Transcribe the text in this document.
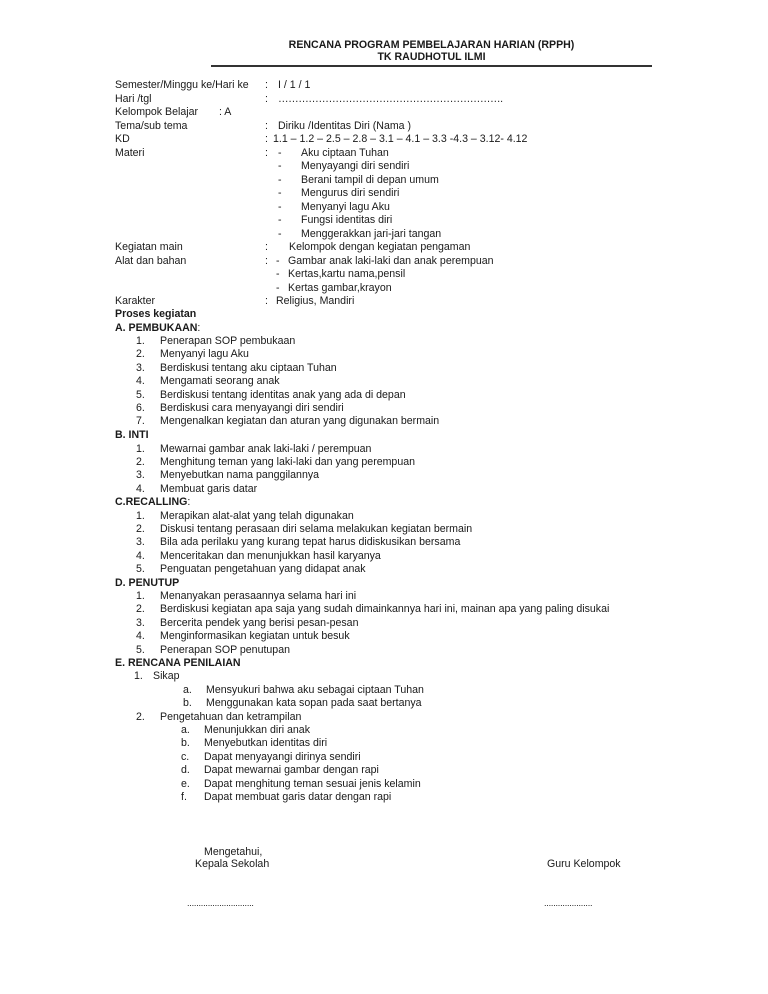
RENCANA PROGRAM PEMBELAJARAN HARIAN (RPPH)
TK RAUDHOTUL ILMI
Semester/Minggu ke/Hari ke : I / 1 / 1
Hari /tgl	: ………………………………………………………….
Kelompok Belajar : A
Tema/sub tema	: Diriku /Identitas Diri (Nama )
KD	: 1.1 – 1.2 – 2.5 – 2.8 – 3.1 – 4.1 – 3.3 -4.3 – 3.12- 4.12
Materi	: - Aku ciptaan Tuhan
- Menyayangi diri sendiri
- Berani tampil di depan umum
- Mengurus diri sendiri
- Menyanyi lagu Aku
- Fungsi identitas diri
- Menggerakkan jari-jari tangan
Kegiatan main	: Kelompok dengan kegiatan pengaman
Alat dan bahan	: - Gambar anak laki-laki dan anak perempuan
- Kertas,kartu nama,pensil
- Kertas gambar,krayon
Karakter	: Religius, Mandiri
Proses kegiatan
A. PEMBUKAAN:
1. Penerapan SOP pembukaan
2. Menyanyi lagu Aku
3. Berdiskusi tentang aku ciptaan Tuhan
4. Mengamati seorang anak
5. Berdiskusi tentang identitas anak yang ada di depan
6. Berdiskusi cara menyayangi diri sendiri
7. Mengenalkan kegiatan dan aturan yang digunakan bermain
B. INTI
1. Mewarnai gambar anak laki-laki / perempuan
2. Menghitung teman yang laki-laki dan yang perempuan
3. Menyebutkan nama panggilannya
4. Membuat garis datar
C.RECALLING:
1. Merapikan alat-alat yang telah digunakan
2. Diskusi tentang perasaan diri selama melakukan kegiatan bermain
3. Bila ada perilaku yang kurang tepat harus didiskusikan bersama
4. Menceritakan dan menunjukkan hasil karyanya
5. Penguatan pengetahuan yang didapat anak
D. PENUTUP
1. Menanyakan perasaannya selama hari ini
2. Berdiskusi kegiatan apa saja yang sudah dimainkannya hari ini, mainan apa yang paling disukai
3. Bercerita pendek yang berisi pesan-pesan
4. Menginformasikan kegiatan untuk besuk
5. Penerapan SOP penutupan
E. RENCANA PENILAIAN
1. Sikap
a. Mensyukuri bahwa aku sebagai ciptaan Tuhan
b. Menggunakan kata sopan pada saat bertanya
2. Pengetahuan dan ketrampilan
a. Menunjukkan diri anak
b. Menyebutkan identitas diri
c. Dapat menyayangi dirinya sendiri
d. Dapat mewarnai gambar dengan rapi
e. Dapat menghitung teman sesuai jenis kelamin
f. Dapat membuat garis datar dengan rapi
Mengetahui,
Kepala Sekolah	Guru Kelompok
.............................	.....................
